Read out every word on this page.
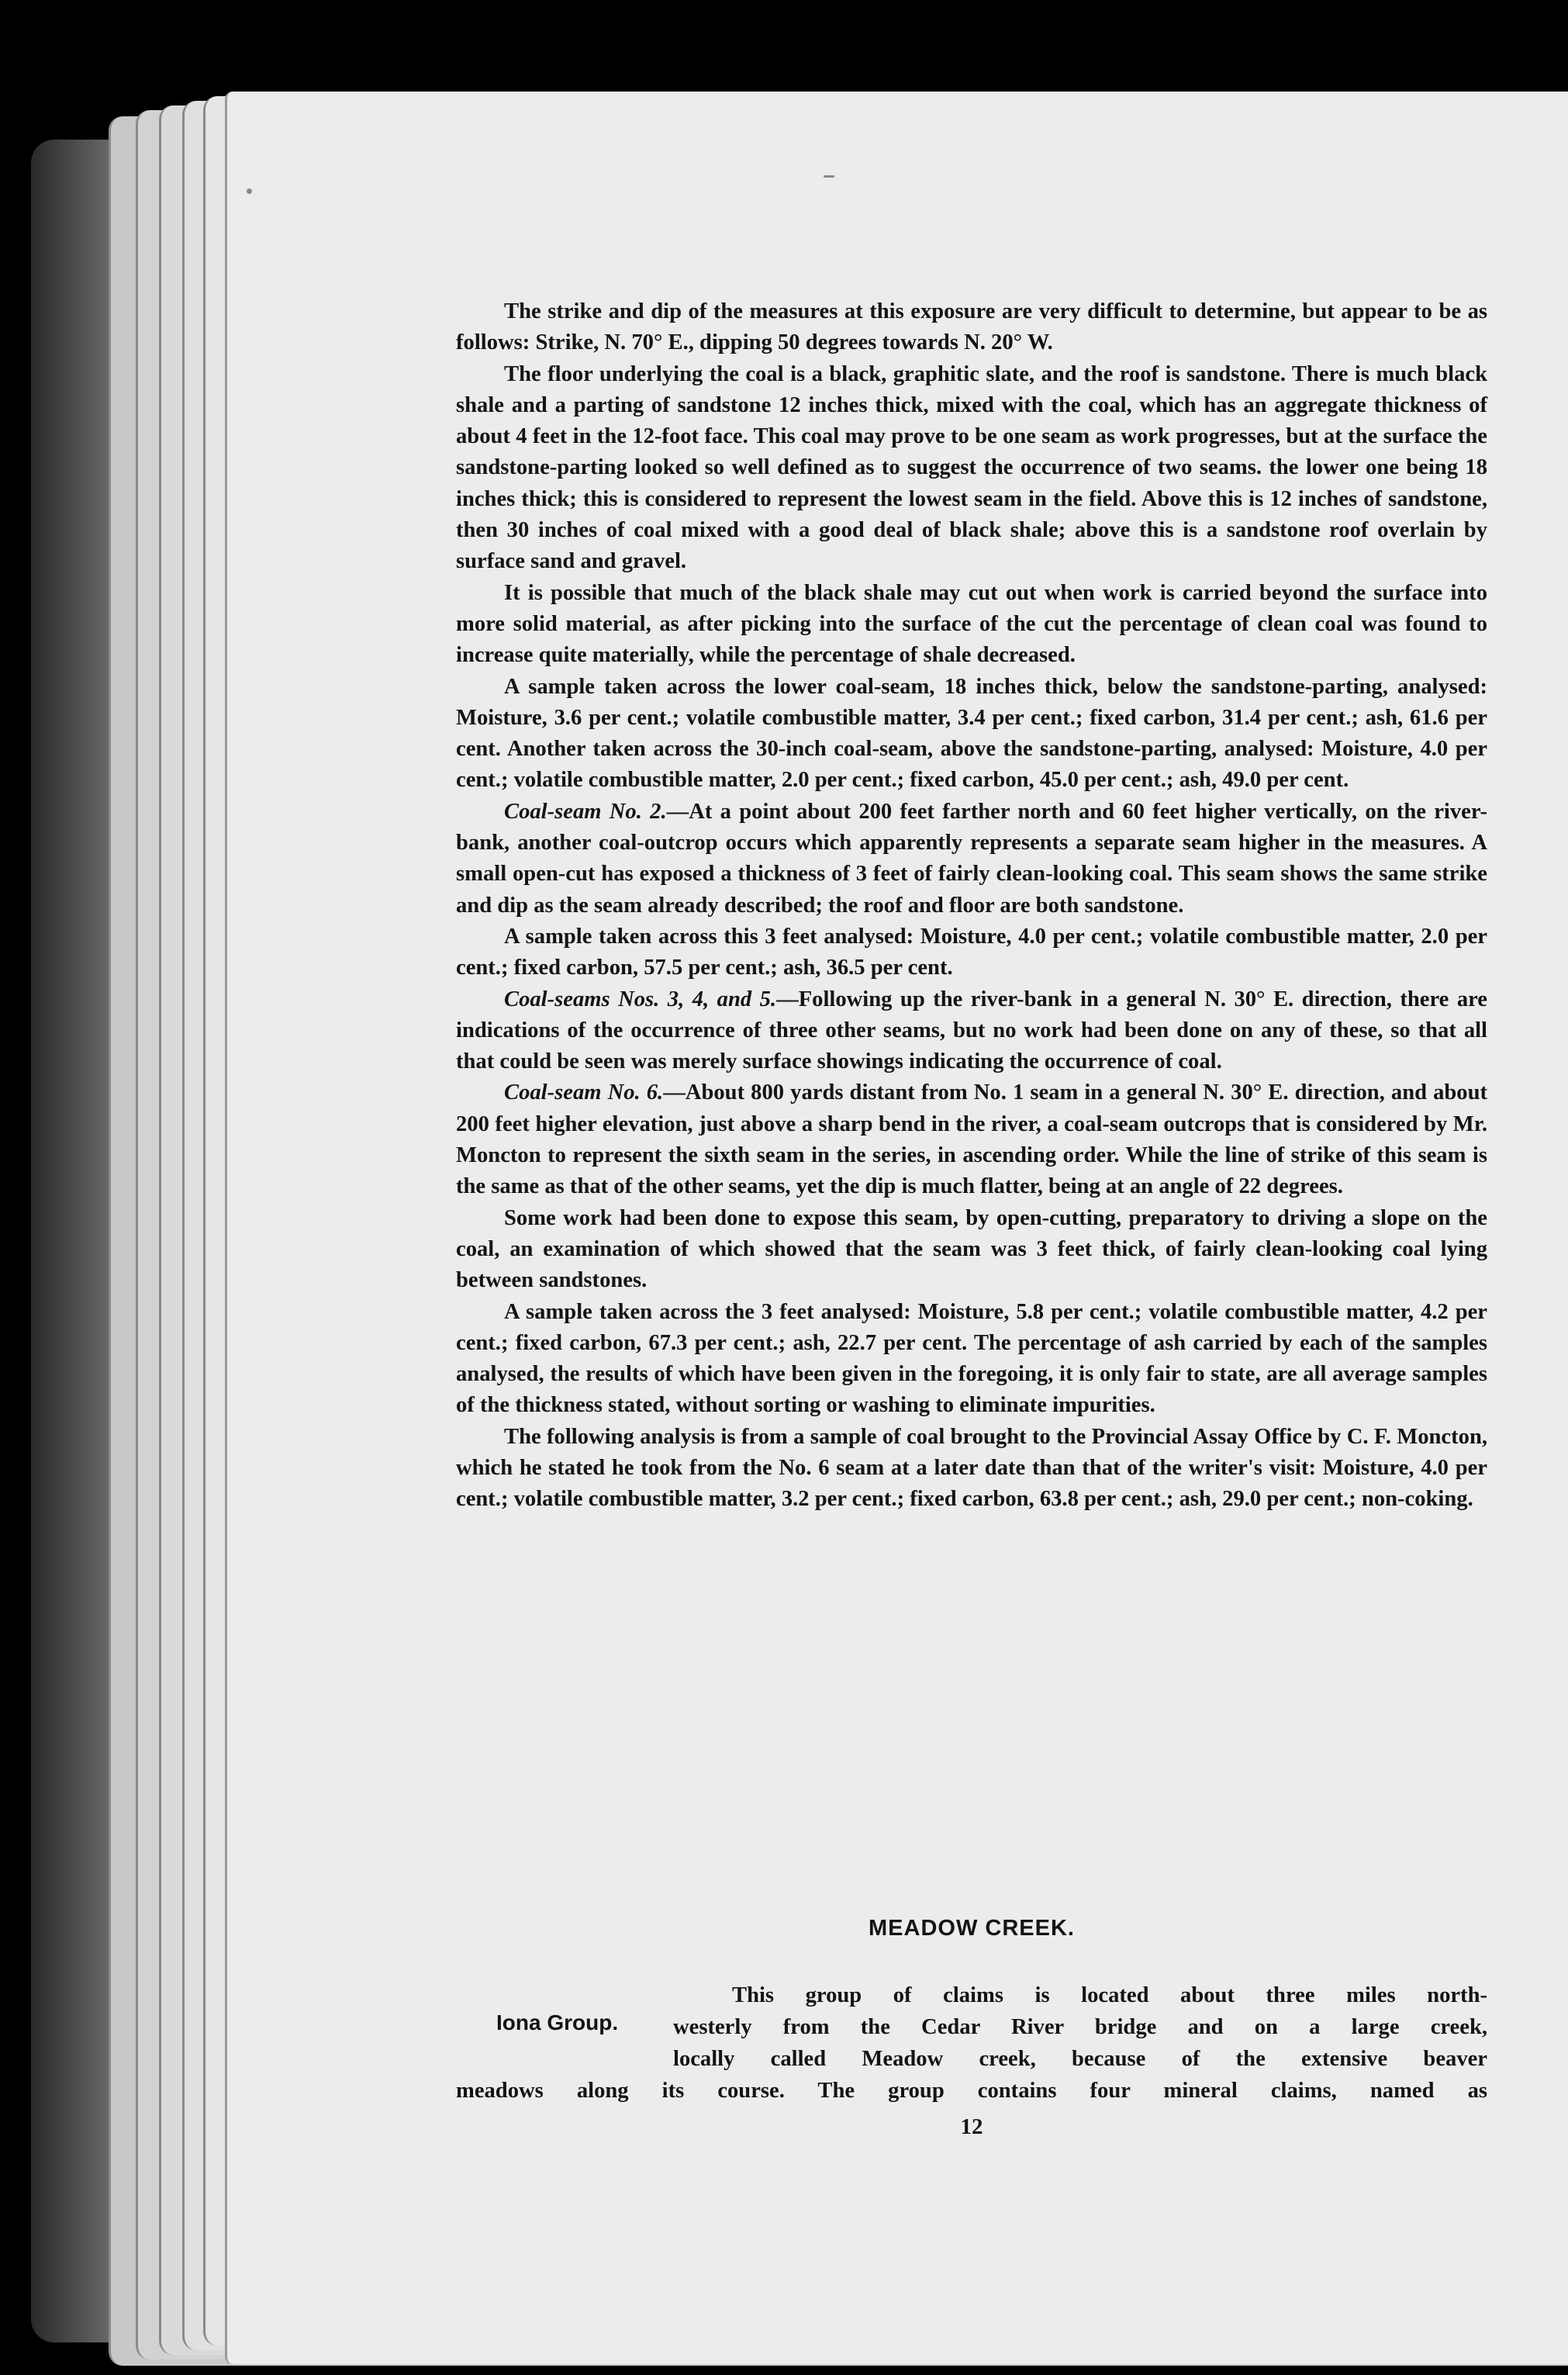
The strike and dip of the measures at this exposure are very difficult to determine, but appear to be as follows: Strike, N. 70° E., dipping 50 degrees towards N. 20° W.

The floor underlying the coal is a black, graphitic slate, and the roof is sandstone. There is much black shale and a parting of sandstone 12 inches thick, mixed with the coal, which has an aggregate thickness of about 4 feet in the 12-foot face. This coal may prove to be one seam as work progresses, but at the surface the sandstone-parting looked so well defined as to suggest the occurrence of two seams. the lower one being 18 inches thick; this is considered to represent the lowest seam in the field. Above this is 12 inches of sandstone, then 30 inches of coal mixed with a good deal of black shale; above this is a sandstone roof overlain by surface sand and gravel.

It is possible that much of the black shale may cut out when work is carried beyond the surface into more solid material, as after picking into the surface of the cut the percentage of clean coal was found to increase quite materially, while the percentage of shale decreased.

A sample taken across the lower coal-seam, 18 inches thick, below the sandstone-parting, analysed: Moisture, 3.6 per cent.; volatile combustible matter, 3.4 per cent.; fixed carbon, 31.4 per cent.; ash, 61.6 per cent. Another taken across the 30-inch coal-seam, above the sandstone-parting, analysed: Moisture, 4.0 per cent.; volatile combustible matter, 2.0 per cent.; fixed carbon, 45.0 per cent.; ash, 49.0 per cent.

Coal-seam No. 2.—At a point about 200 feet farther north and 60 feet higher vertically, on the river-bank, another coal-outcrop occurs which apparently represents a separate seam higher in the measures. A small open-cut has exposed a thickness of 3 feet of fairly clean-looking coal. This seam shows the same strike and dip as the seam already described; the roof and floor are both sandstone.

A sample taken across this 3 feet analysed: Moisture, 4.0 per cent.; volatile combustible matter, 2.0 per cent.; fixed carbon, 57.5 per cent.; ash, 36.5 per cent.

Coal-seams Nos. 3, 4, and 5.—Following up the river-bank in a general N. 30° E. direction, there are indications of the occurrence of three other seams, but no work had been done on any of these, so that all that could be seen was merely surface showings indicating the occurrence of coal.

Coal-seam No. 6.—About 800 yards distant from No. 1 seam in a general N. 30° E. direction, and about 200 feet higher elevation, just above a sharp bend in the river, a coal-seam outcrops that is considered by Mr. Moncton to represent the sixth seam in the series, in ascending order. While the line of strike of this seam is the same as that of the other seams, yet the dip is much flatter, being at an angle of 22 degrees.

Some work had been done to expose this seam, by open-cutting, preparatory to driving a slope on the coal, an examination of which showed that the seam was 3 feet thick, of fairly clean-looking coal lying between sandstones.

A sample taken across the 3 feet analysed: Moisture, 5.8 per cent.; volatile combustible matter, 4.2 per cent.; fixed carbon, 67.3 per cent.; ash, 22.7 per cent. The percentage of ash carried by each of the samples analysed, the results of which have been given in the foregoing, it is only fair to state, are all average samples of the thickness stated, without sorting or washing to eliminate impurities.

The following analysis is from a sample of coal brought to the Provincial Assay Office by C. F. Moncton, which he stated he took from the No. 6 seam at a later date than that of the writer's visit: Moisture, 4.0 per cent.; volatile combustible matter, 3.2 per cent.; fixed carbon, 63.8 per cent.; ash, 29.0 per cent.; non-coking.

MEADOW CREEK.
Iona Group.
This group of claims is located about three miles north-
westerly from the Cedar River bridge and on a large creek,
locally called Meadow creek, because of the extensive beaver
meadows along its course. The group contains four mineral claims, named as
12
